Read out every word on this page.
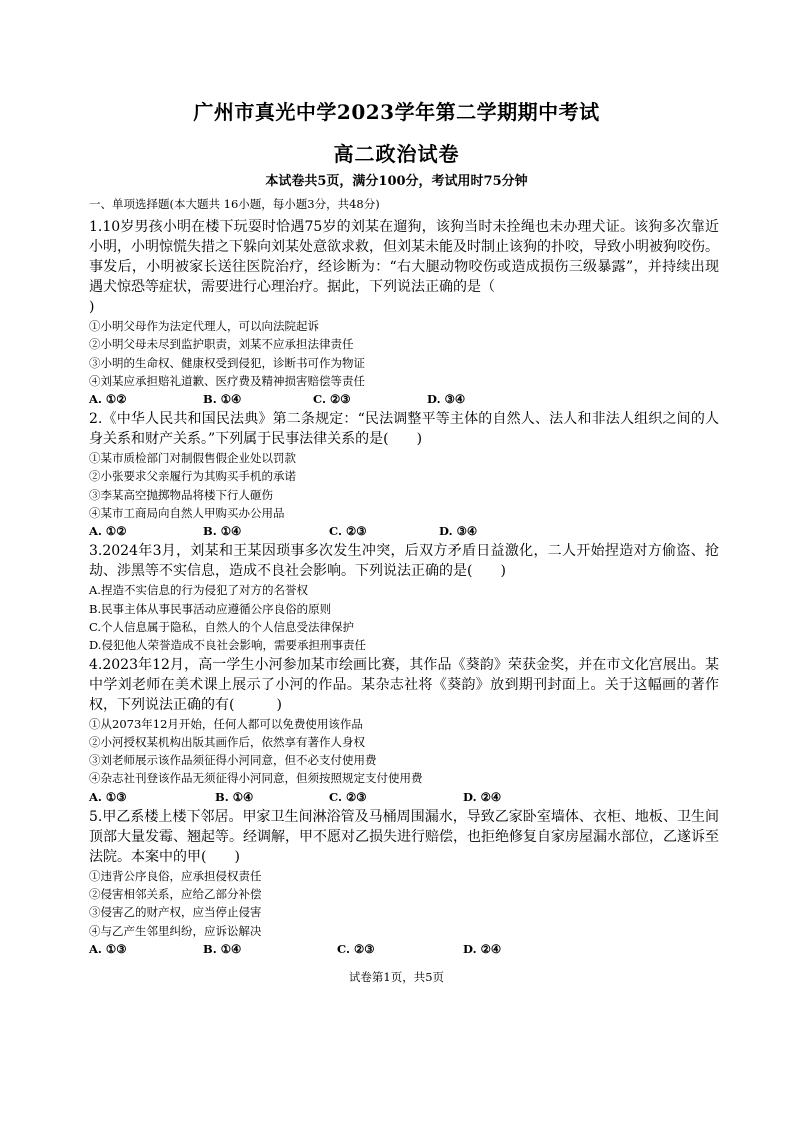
广州市真光中学2023学年第二学期期中考试
高二政治试卷
本试卷共5页，满分100分，考试用时75分钟
一、单项选择题(本大题共 16小题，每小题3分，共48分)

1.10岁男孩小明在楼下玩耍时恰遇75岁的刘某在遛狗，该狗当时未拴绳也未办理犬证。该狗多次靠近小明，小明惊慌失措之下躲向刘某处意欲求救，但刘某未能及时制止该狗的扑咬，导致小明被狗咬伤。事发后，小明被家长送往医院治疗，经诊断为：“右大腿动物咬伤或造成损伤三级暴露”，并持续出现遇犬惊恐等症状，需要进行心理治疗。据此，下列说法正确的是（
)

①小明父母作为法定代理人，可以向法院起诉
②小明父母未尽到监护职责，刘某不应承担法律责任
③小明的生命权、健康权受到侵犯，诊断书可作为物证
④刘某应承担赔礼道歉、医疗费及精神损害赔偿等责任
A. ①②	B. ①④	C. ②③	D. ③④

2.《中华人民共和国民法典》第二条规定：“民法调整平等主体的自然人、法人和非法人组织之间的人身关系和财产关系。”下列属于民事法律关系的是(　　)

①某市质检部门对制假售假企业处以罚款
②小张要求父亲履行为其购买手机的承诺
③李某高空抛掷物品将楼下行人砸伤
④某市工商局向自然人甲购买办公用品
A. ①②	B. ①④	C. ②③	D. ③④

3.2024年3月，刘某和王某因琐事多次发生冲突，后双方矛盾日益激化，二人开始捏造对方偷盗、抢劫、涉黑等不实信息，造成不良社会影响。下列说法正确的是(　　)

A.捏造不实信息的行为侵犯了对方的名誉权
B.民事主体从事民事活动应遵循公序良俗的原则
C.个人信息属于隐私，自然人的个人信息受法律保护
D.侵犯他人荣誉造成不良社会影响，需要承担刑事责任

4.2023年12月，高一学生小河参加某市绘画比赛，其作品《葵韵》荣获金奖，并在市文化宫展出。某中学刘老师在美术课上展示了小河的作品。某杂志社将《葵韵》放到期刊封面上。关于这幅画的著作权，下列说法正确的有(　　　)

①从2073年12月开始，任何人都可以免费使用该作品
②小河授权某机构出版其画作后，依然享有著作人身权
③刘老师展示该作品须征得小河同意，但不必支付使用费
④杂志社刊登该作品无须征得小河同意，但须按照规定支付使用费
A. ①③	B. ①④	C. ②③	D. ②④

5.甲乙系楼上楼下邻居。甲家卫生间淋浴管及马桶周围漏水，导致乙家卧室墙体、衣柜、地板、卫生间顶部大量发霉、翘起等。经调解，甲不愿对乙损失进行赔偿，也拒绝修复自家房屋漏水部位，乙遂诉至法院。本案中的甲(　　)

①违背公序良俗，应承担侵权责任
②侵害相邻关系，应给乙部分补偿
③侵害乙的财产权，应当停止侵害
④与乙产生邻里纠纷，应诉讼解决
A. ①③	B. ①④	C. ②③	D. ②④
试卷第1页，共5页
